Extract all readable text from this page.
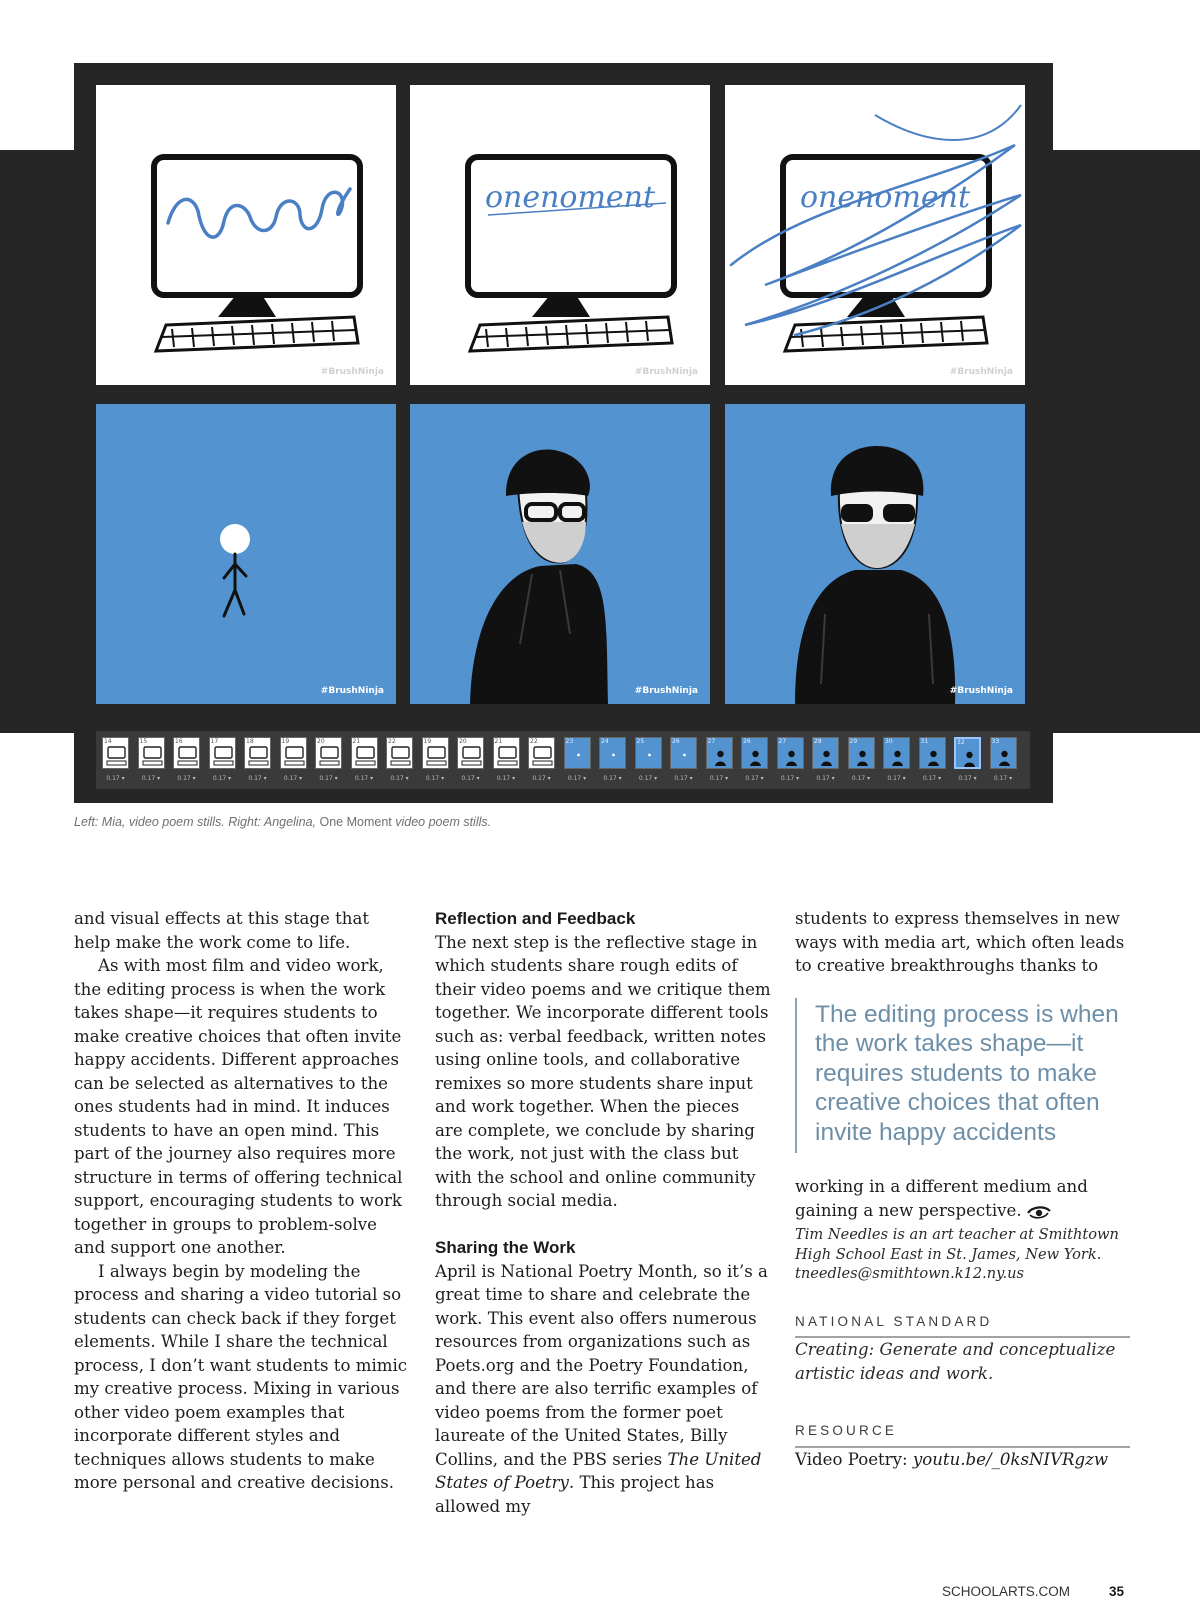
#BrushNinja
onenoment
#BrushNinja
onenoment
#BrushNinja
#BrushNinja	#BrushNinja	#BrushNinja
14
0.17 ▾
15
0.17 ▾
16
0.17 ▾
17
0.17 ▾
18
0.17 ▾
19
0.17 ▾
20
0.17 ▾
21
0.17 ▾
22
0.17 ▾
19
0.17 ▾
20
0.17 ▾
21
0.17 ▾
22
0.17 ▾
23
0.17 ▾
24
0.17 ▾
25
0.17 ▾
26
0.17 ▾
27
0.17 ▾
26
0.17 ▾
27
0.17 ▾
28
0.17 ▾
29
0.17 ▾
30
0.17 ▾
31
0.17 ▾
32
0.17 ▾
33
0.17 ▾
Left: Mia, video poem stills. Right: Angelina, One Moment video poem stills.

and visual effects at this stage that help make the work come to life.

As with most film and video work, the editing process is when the work takes shape—it requires students to make creative choices that often invite happy accidents. Different approaches can be selected as alternatives to the ones students had in mind. It induces students to have an open mind. This part of the journey also requires more structure in terms of offering technical support, encouraging students to work together in groups to problem-solve and support one another.

I always begin by modeling the process and sharing a video tutorial so students can check back if they forget elements. While I share the technical process, I don’t want students to mimic my creative process. Mixing in various other video poem examples that incorporate different styles and techniques allows students to make more personal and creative decisions.

Reflection and Feedback

The next step is the reflective stage in which students share rough edits of their video poems and we critique them together. We incorporate different tools such as: verbal feedback, written notes using online tools, and collaborative remixes so more students share input and work together. When the pieces are complete, we conclude by sharing the work, not just with the class but with the school and online community through social media.

Sharing the Work

April is National Poetry Month, so it’s a great time to share and celebrate the work. This event also offers numerous resources from organizations such as Poets.org and the Poetry Foundation, and there are also terrific examples of video poems from the former poet laureate of the United States, Billy Collins, and the PBS series The United States of Poetry. This project has allowed my

students to express themselves in new ways with media art, which often leads to creative breakthroughs thanks to

The editing process is when the work takes shape—it requires students to make creative choices that often invite happy accidents

working in a different medium and gaining a new perspective.

Tim Needles is an art teacher at Smithtown High School East in St. James, New York. tneedles@smithtown.k12.ny.us

NATIONAL STANDARD

Creating: Generate and conceptualize artistic ideas and work.

RESOURCE

Video Poetry: youtu.be/_0ksNIVRgzw

SCHOOLARTS.COM	35
